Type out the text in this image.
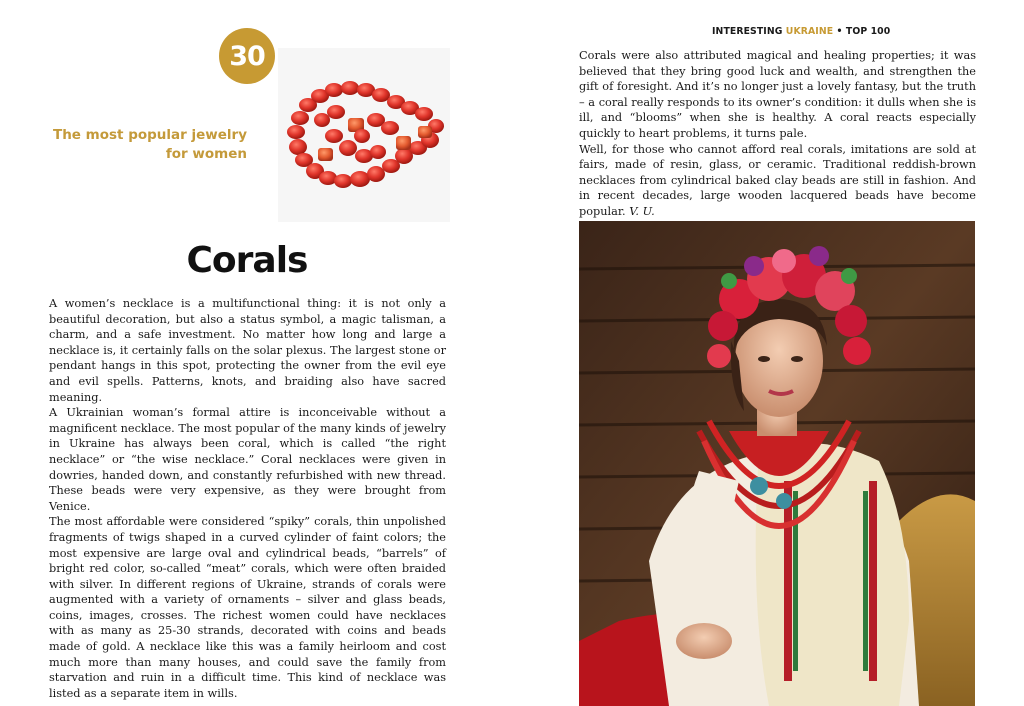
30
The most popular jewelry for women
Corals

A women’s necklace is a multifunctional thing: it is not only a beautiful decoration, but also a status symbol, a magic talisman, a charm, and a safe investment. No matter how long and large a necklace is, it certainly falls on the solar plexus. The largest stone or pendant hangs in this spot, protecting the owner from the evil eye and evil spells. Patterns, knots, and braiding also have sacred meaning.

A Ukrainian woman’s formal attire is inconceivable without a magnificent necklace. The most popular of the many kinds of jewelry in Ukraine has always been coral, which is called “the right necklace” or “the wise necklace.” Coral necklaces were given in dowries, handed down, and constantly refurbished with new thread. These beads were very expensive, as they were brought from Venice.

The most affordable were considered “spiky” corals, thin unpolished fragments of twigs shaped in a curved cylinder of faint colors; the most expensive are large oval and cylindrical beads, “barrels” of bright red color, so-called “meat” corals, which were often braided with silver. In different regions of Ukraine, strands of corals were augmented with a variety of ornaments – silver and glass beads, coins, images, crosses. The richest women could have necklaces with as many as 25-30 strands, decorated with coins and beads made of gold. A necklace like this was a family heirloom and cost much more than many houses, and could save the family from starvation and ruin in a difficult time. This kind of necklace was listed as a separate item in wills.

INTERESTING UKRAINE • TOP 100

Corals were also attributed magical and healing properties; it was believed that they bring good luck and wealth, and strengthen the gift of foresight. And it’s no longer just a lovely fantasy, but the truth – a coral really responds to its owner’s condition: it dulls when she is ill, and “blooms” when she is healthy. A coral reacts especially quickly to heart problems, it turns pale.

Well, for those who cannot afford real corals, imitations are sold at fairs, made of resin, glass, or ceramic. Traditional reddish-brown necklaces from cylindrical baked clay beads are still in fashion. And in recent decades, large wooden lacquered beads have become popular. V. U.
